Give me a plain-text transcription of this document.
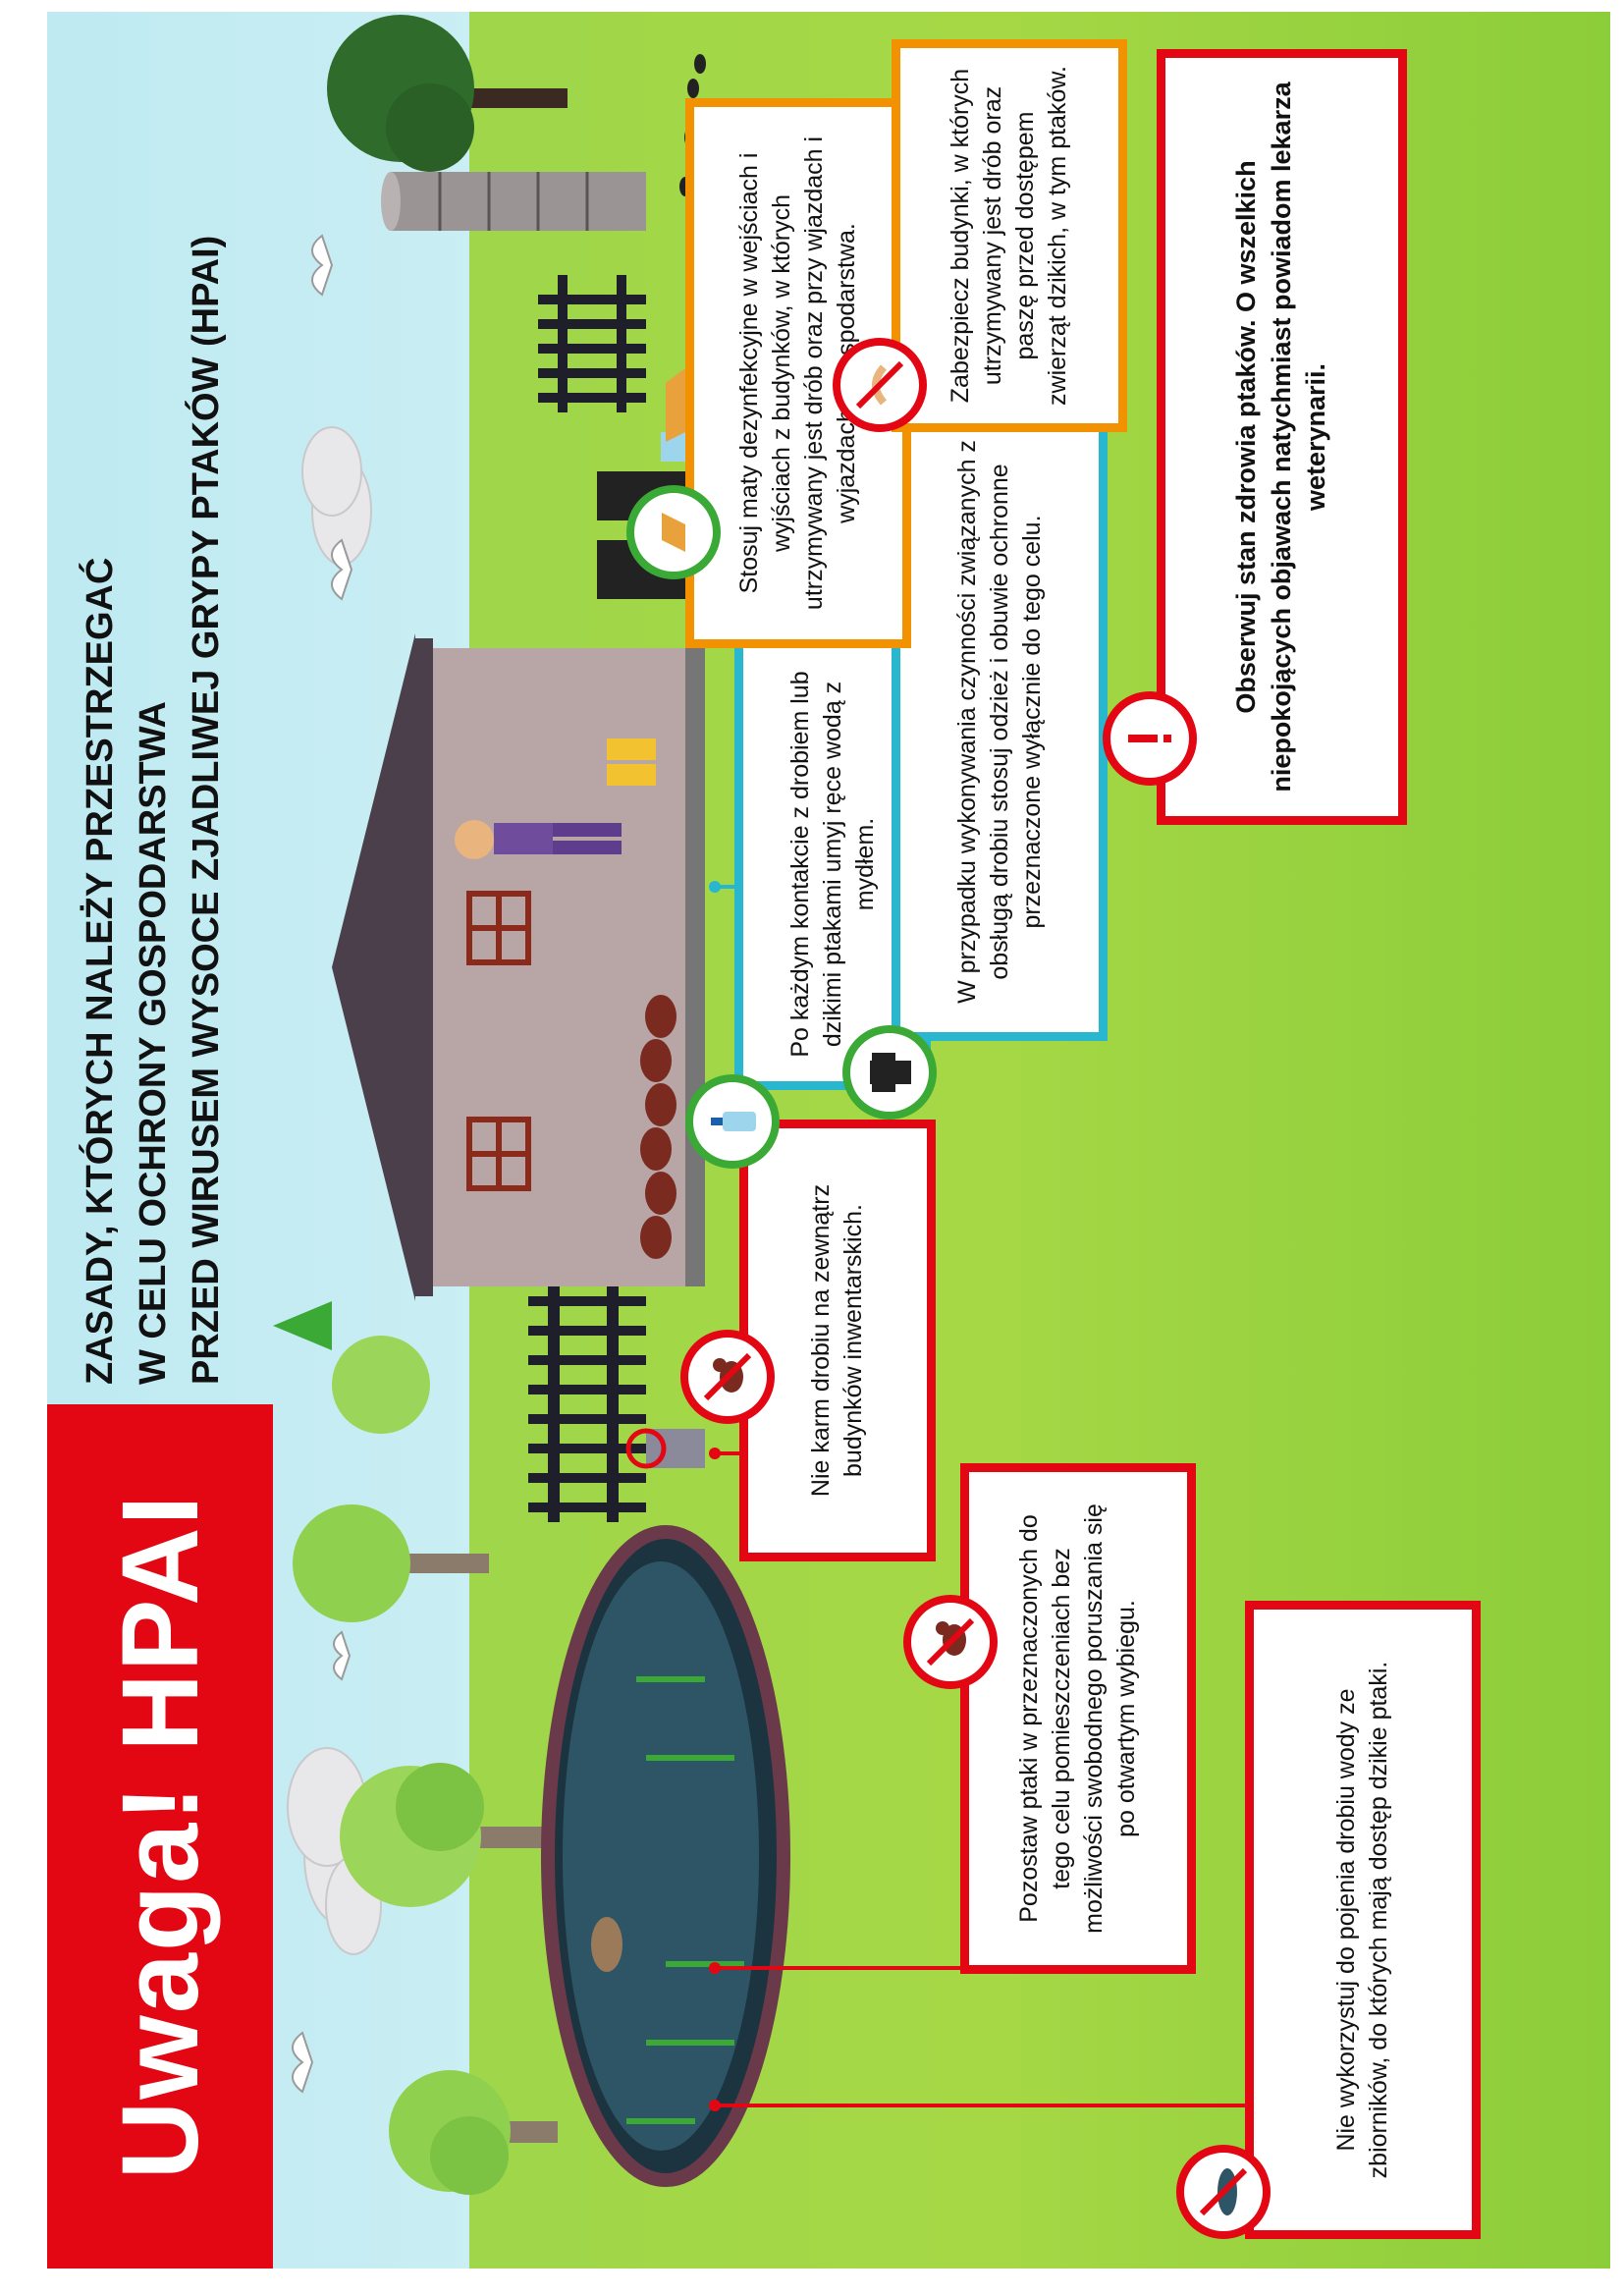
Uwaga! HPAI
ZASADY, KTÓRYCH NALEŻY PRZESTRZEGAĆ W CELU OCHRONY GOSPODARSTWA PRZED WIRUSEM WYSOCE ZJADLIWEJ GRYPY PTAKÓW (HPAI)
Nie wykorzystuj do pojenia drobiu wody ze zbiorników, do których mają dostęp dzikie ptaki.
Pozostaw ptaki w przeznaczonych do tego celu pomieszczeniach bez możliwości swobodnego poruszania się po otwartym wybiegu.
Nie karm drobiu na zewnątrz budynków inwentarskich.
Po każdym kontakcie z drobiem lub dzikimi ptakami umyj ręce wodą z mydłem.	W przypadku wykonywania czynności związanych z obsługą drobiu stosuj odzież i obuwie ochronne przeznaczone wyłącznie do tego celu.
Stosuj maty dezynfekcyjne w wejściach i wyjściach z budynków, w których utrzymywany jest drób oraz przy wjazdach i wyjazdach gospodarstwa.	Zabezpiecz budynki, w których utrzymywany jest drób oraz paszę przed dostępem zwierząt dzikich, w tym ptaków.	Obserwuj stan zdrowia ptaków. O wszelkich niepokojących objawach natychmiast powiadom lekarza weterynarii.
